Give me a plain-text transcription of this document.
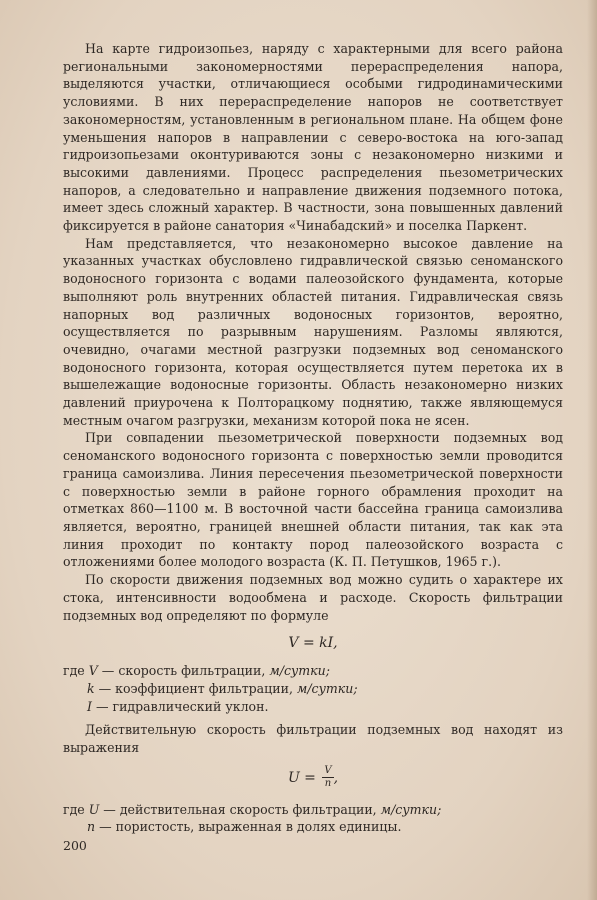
На карте гидроизопьез, наряду с характерными для всего района региональными закономерностями перераспределения напора, выделяются участки, отличающиеся особыми гидродинамическими условиями. В них перераспределение напоров не соответствует закономерностям, установленным в региональном плане. На общем фоне уменьшения напоров в направлении с северо-востока на юго-запад гидроизопьезами оконтуриваются зоны с незакономерно низкими и высокими давлениями. Процесс распределения пьезометрических напоров, а следовательно и направление движения подземного потока, имеет здесь сложный характер. В частности, зона повышенных давлений фиксируется в районе санатория «Чинабадский» и поселка Паркент.

Нам представляется, что незакономерно высокое давление на указанных участках обусловлено гидравлической связью сеноманского водоносного горизонта с водами палеозойского фундамента, которые выполняют роль внутренних областей питания. Гидравлическая связь напорных вод различных водоносных горизонтов, вероятно, осуществляется по разрывным нарушениям. Разломы являются, очевидно, очагами местной разгрузки подземных вод сеноманского водоносного горизонта, которая осуществляется путем перетока их в вышележащие водоносные горизонты. Область незакономерно низких давлений приурочена к Полторацкому поднятию, также являющемуся местным очагом разгрузки, механизм которой пока не ясен.

При совпадении пьезометрической поверхности подземных вод сеноманского водоносного горизонта с поверхностью земли проводится граница самоизлива. Линия пересечения пьезометрической поверхности с поверхностью земли в районе горного обрамления проходит на отметках 860—1100 м. В восточной части бассейна граница самоизлива является, вероятно, границей внешней области питания, так как эта линия проходит по контакту пород палеозойского возраста с отложениями более молодого возраста (К. П. Петушков, 1965 г.).

По скорости движения подземных вод можно судить о характере их стока, интенсивности водообмена и расходе. Скорость фильтрации подземных вод определяют по формуле

V = kI,

где V — скорость фильтрации, м/сутки;

k — коэффициент фильтрации, м/сутки;

I — гидравлический уклон.

Действительную скорость фильтрации подземных вод находят из выражения

$U = \frac{V}{n}$ ,

где U — действительная скорость фильтрации, м/сутки;

n — пористость, выраженная в долях единицы.

200
